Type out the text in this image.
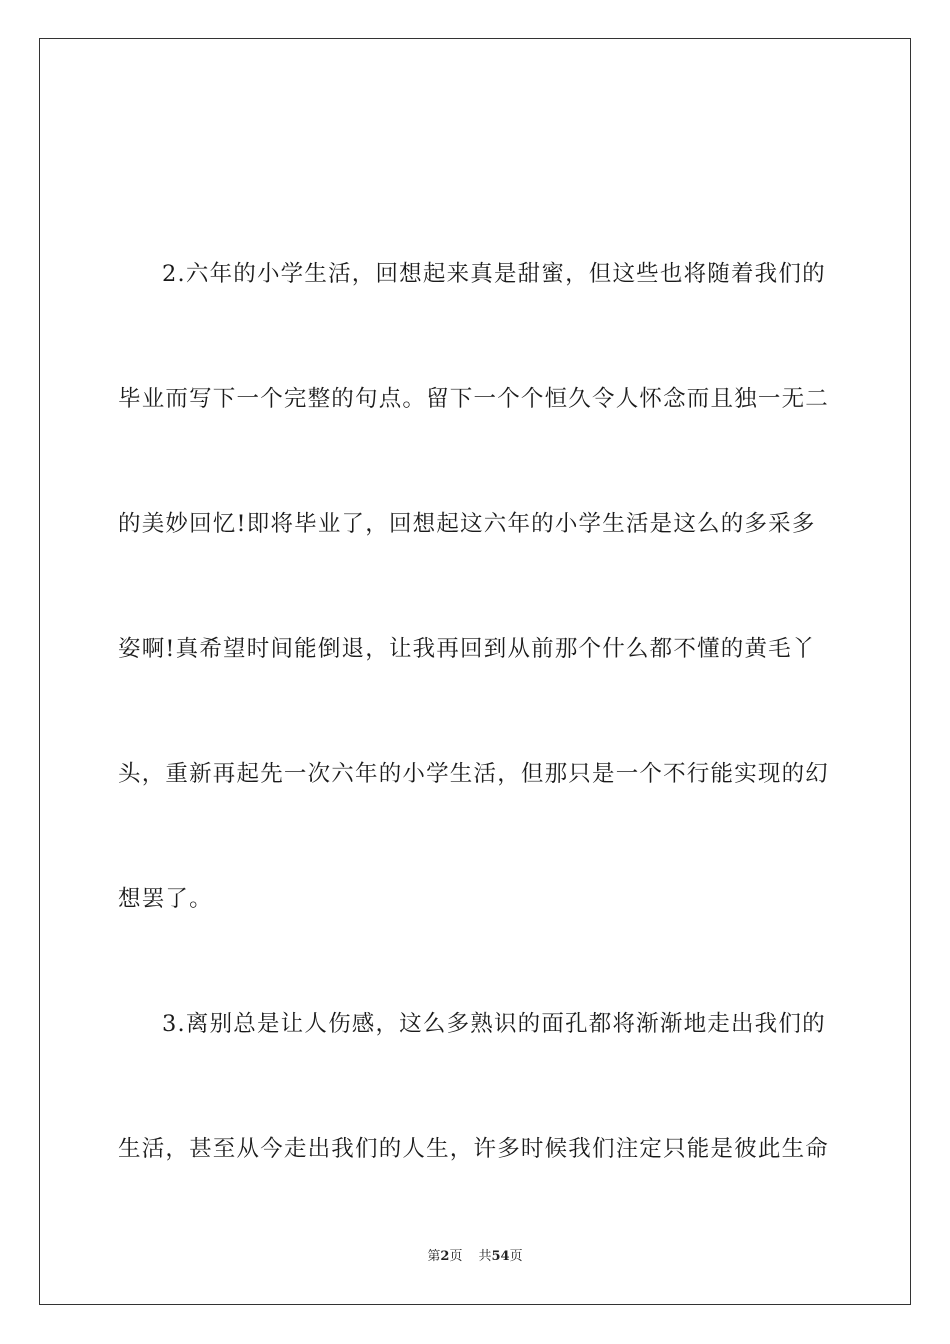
2.六年的小学生活，回想起来真是甜蜜，但这些也将随着我们的
毕业而写下一个完整的句点。留下一个个恒久令人怀念而且独一无二
的美妙回忆!即将毕业了，回想起这六年的小学生活是这么的多采多
姿啊!真希望时间能倒退，让我再回到从前那个什么都不懂的黄毛丫
头，重新再起先一次六年的小学生活，但那只是一个不行能实现的幻
想罢了。
3.离别总是让人伤感，这么多熟识的面孔都将渐渐地走出我们的
生活，甚至从今走出我们的人生，许多时候我们注定只能是彼此生命
第2页 共54页
